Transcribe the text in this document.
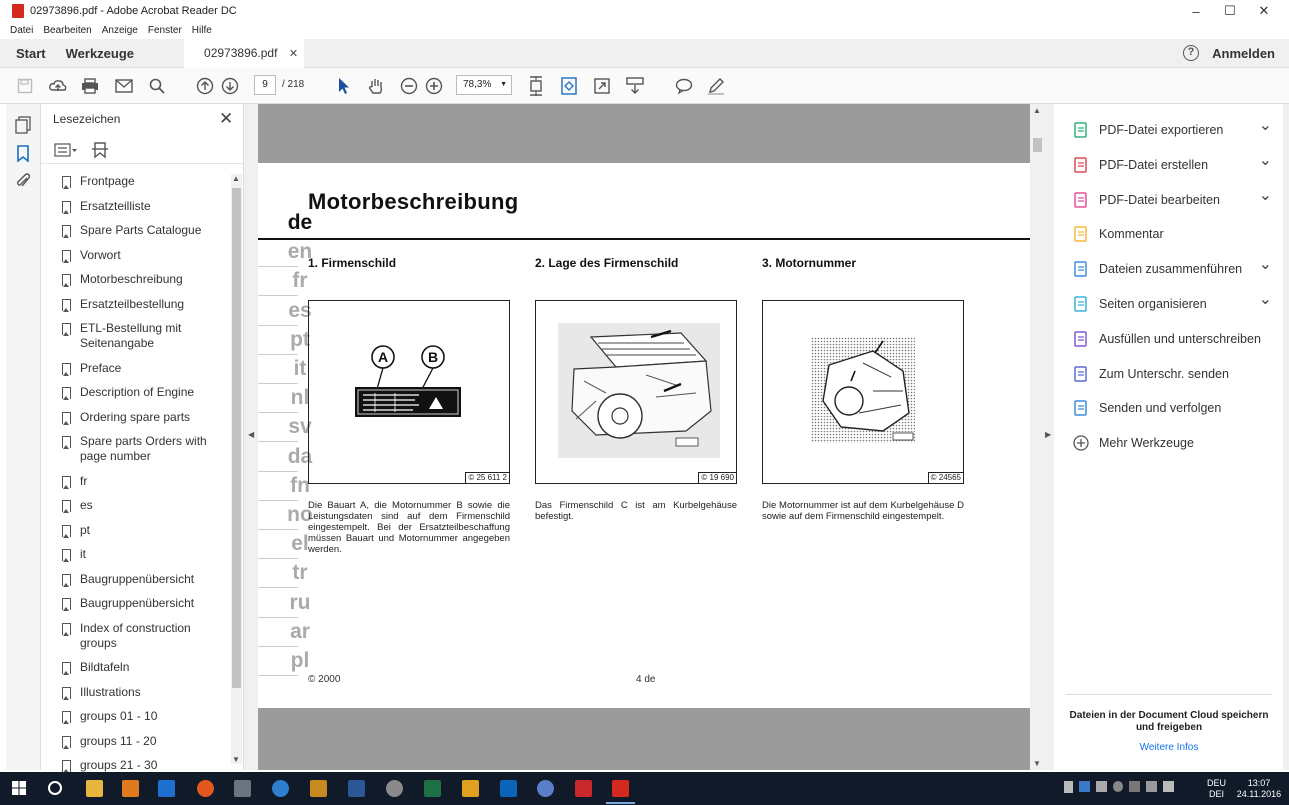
02973896.pdf - Adobe Acrobat Reader DC	–	☐	✕
Datei Bearbeiten Anzeige Fenster Hilfe
Start	Werkzeuge	02973896.pdf ✕	?	Anmelden
9	/ 218	78,3% ▼
Lesezeichen	✕
Frontpage
Ersatzteilliste
Spare Parts Catalogue
Vorwort
Motorbeschreibung
Ersatzteilbestellung
ETL-Bestellung mit Seitenangabe
Preface
Description of Engine
Ordering spare parts
Spare parts Orders with page number
fr
es
pt
it
Baugruppenübersicht
Baugruppenübersicht
Index of construction groups
Bildtafeln
Illustrations
groups 01 - 10
groups 11 - 20
groups 21 - 30
▲
▼
◀
de
en
fr
es
pt
it
nl
sv
da
fn
no
el
tr
ru
ar
pl
Motorbeschreibung
1. Firmenschild	2. Lage des Firmenschild	3. Motornummer
A	B
© 25 611 2	© 19 690	© 24565
Die Bauart A, die Motornummer B sowie die Leistungsdaten sind auf dem Firmenschild eingestempelt. Bei der Ersatzteilbeschaffung müssen Bauart und Motornummer angegeben werden.
Das Firmenschild C ist am Kurbelgehäuse befestigt.
Die Motornummer ist auf dem Kurbelgehäuse D sowie auf dem Firmenschild eingestempelt.
© 2000	4 de
▲
▼
▶
Dateien in der Document Cloud speichern und freigeben
Weitere Infos
PDF-Datei exportieren ⌄
PDF-Datei erstellen	⌄
PDF-Datei bearbeiten ⌄
Kommentar
Dateien zusammenführen ⌄
Seiten organisieren	⌄
Ausfüllen und unterschreiben
Zum Unterschr. senden
Senden und verfolgen
Mehr Werkzeuge
DEU
DEI
13:07
24.11.2016
